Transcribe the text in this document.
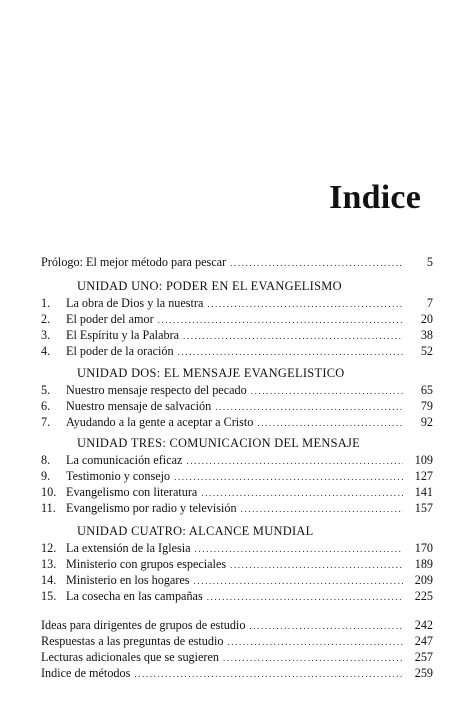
Indice
Prólogo: El mejor método para pescar .....	5
UNIDAD UNO: PODER EN EL EVANGELISMO
1.	La obra de Dios y la nuestra .....	7
2.	El poder del amor .....	20
3.	El Espíritu y la Palabra .....	38
4.	El poder de la oración .....	52
UNIDAD DOS: EL MENSAJE EVANGELISTICO
5.	Nuestro mensaje respecto del pecado .....	65
6.	Nuestro mensaje de salvación .....	79
7.	Ayudando a la gente a aceptar a Cristo .....	92
UNIDAD TRES: COMUNICACION DEL MENSAJE
8.	La comunicación eficaz .....	109
9.	Testimonio y consejo .....	127
10. Evangelismo con literatura .....	141
11. Evangelismo por radio y televisión .....	157
UNIDAD CUATRO: ALCANCE MUNDIAL
12. La extensión de la Iglesia .....	170
13. Ministerio con grupos especiales .....	189
14. Ministerio en los hogares .....	209
15. La cosecha en las campañas .....	225
Ideas para dirigentes de grupos de estudio .....	242
Respuestas a las preguntas de estudio .....	247
Lecturas adicionales que se sugieren .....	257
Indice de métodos .....	259
